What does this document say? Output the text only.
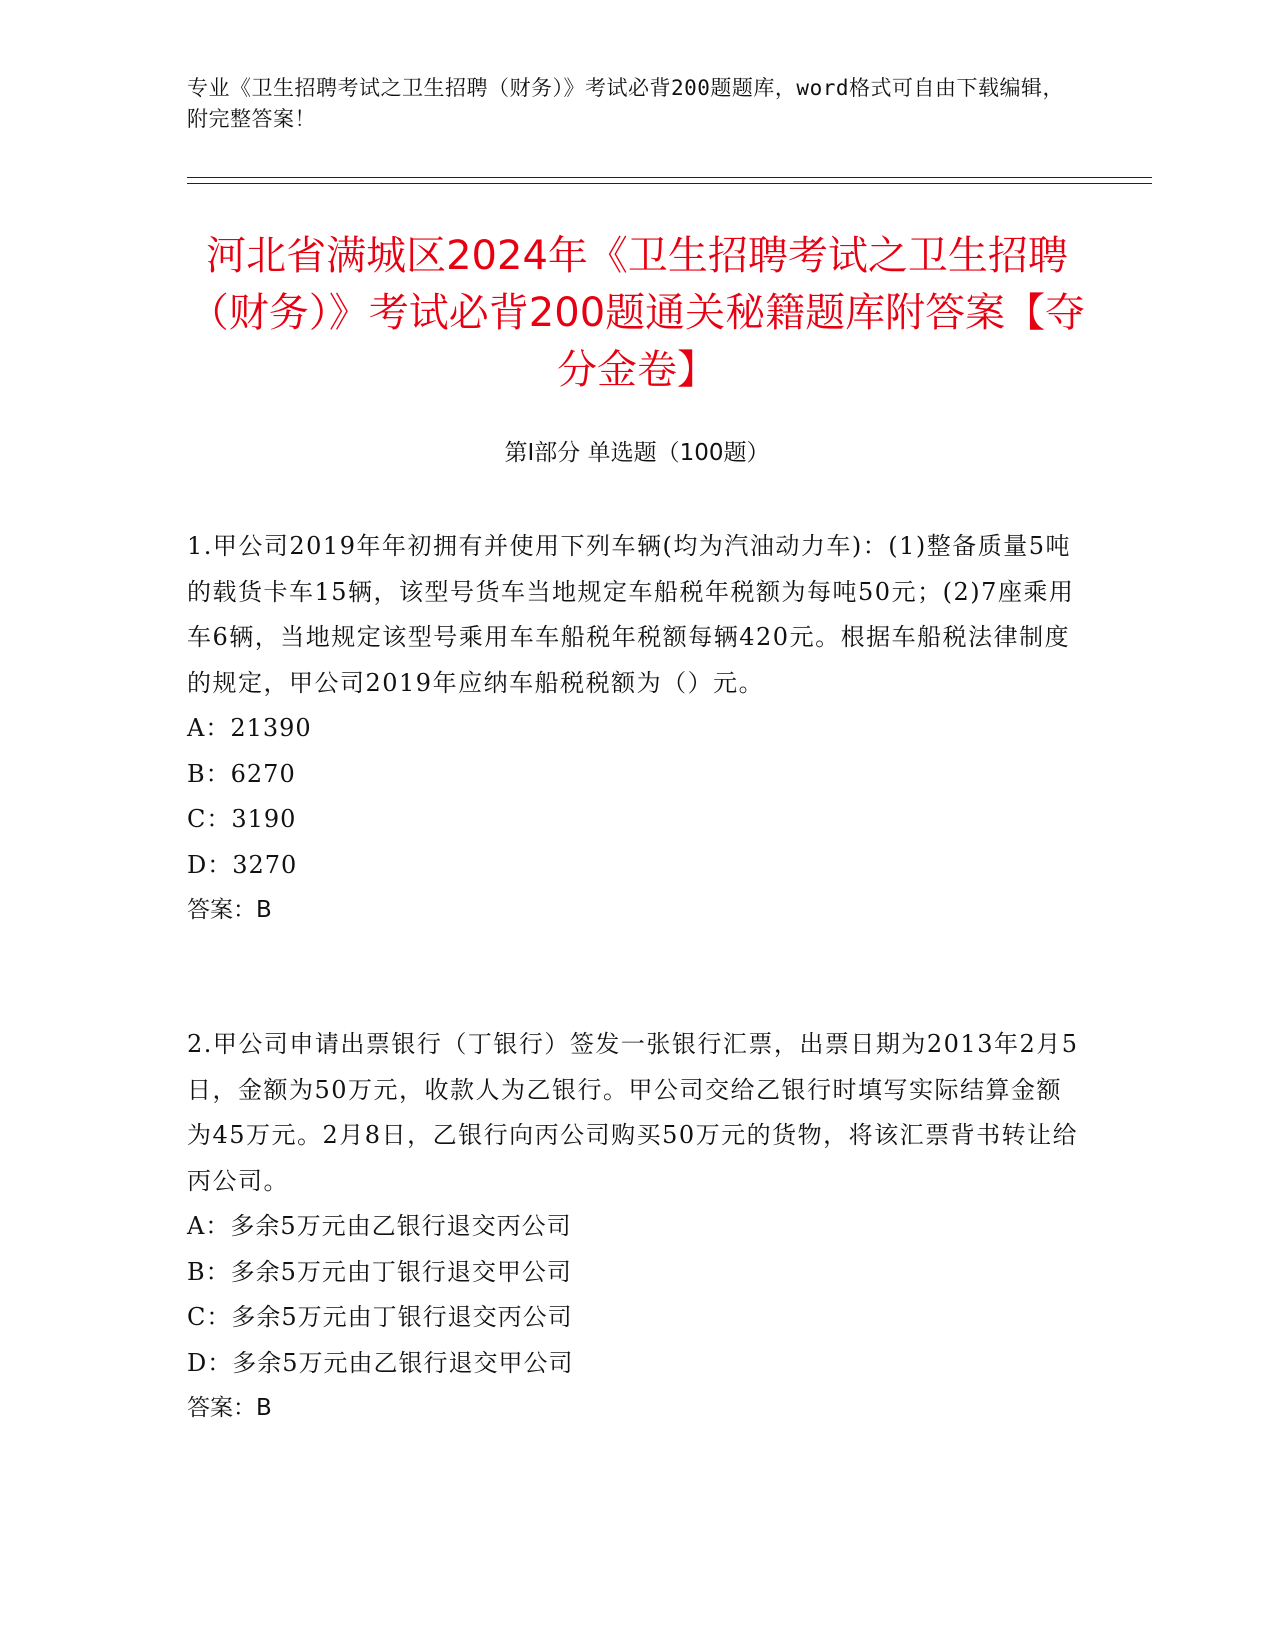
专业《卫生招聘考试之卫生招聘（财务）》考试必背200题题库，word格式可自由下载编辑，附完整答案！
河北省满城区2024年《卫生招聘考试之卫生招聘（财务）》考试必背200题通关秘籍题库附答案【夺分金卷】
第Ⅰ部分 单选题（100题）
1.甲公司2019年年初拥有并使用下列车辆(均为汽油动力车)：(1)整备质量5吨的载货卡车15辆，该型号货车当地规定车船税年税额为每吨50元；(2)7座乘用车6辆，当地规定该型号乘用车车船税年税额每辆420元。根据车船税法律制度的规定，甲公司2019年应纳车船税税额为（）元。
A：21390
B：6270
C：3190
D：3270
答案：B
2.甲公司申请出票银行（丁银行）签发一张银行汇票，出票日期为2013年2月5日，金额为50万元，收款人为乙银行。甲公司交给乙银行时填写实际结算金额为45万元。2月8日，乙银行向丙公司购买50万元的货物，将该汇票背书转让给丙公司。
A：多余5万元由乙银行退交丙公司
B：多余5万元由丁银行退交甲公司
C：多余5万元由丁银行退交丙公司
D：多余5万元由乙银行退交甲公司
答案：B
